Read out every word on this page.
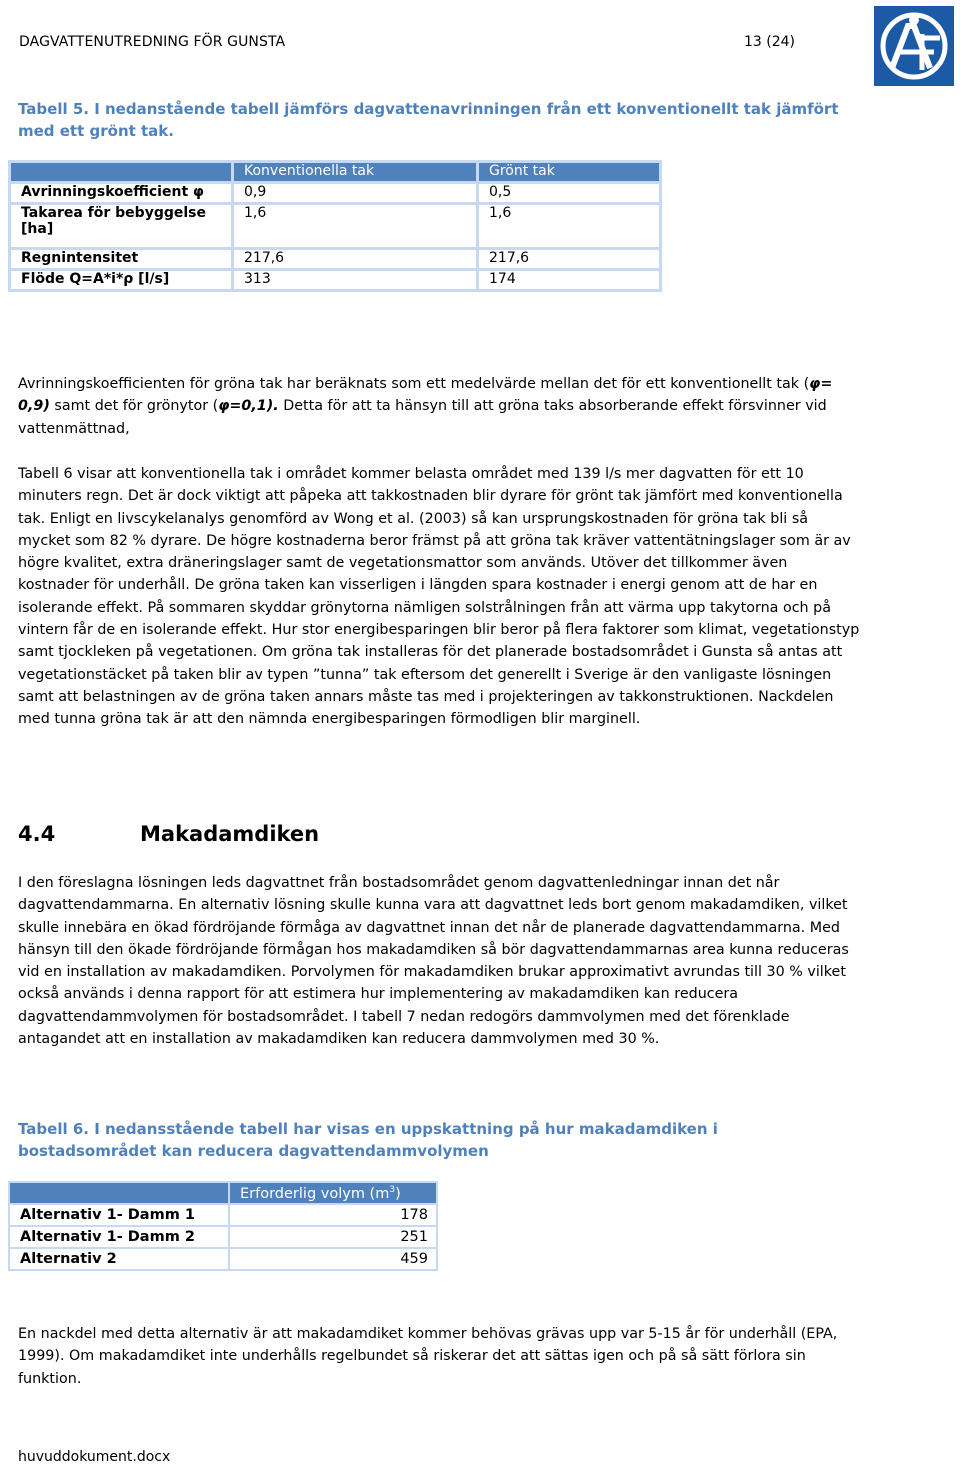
DAGVATTENUTREDNING FÖR GUNSTA	13 (24)
Tabell 5. I nedanstående tabell jämförs dagvattenavrinningen från ett konventionellt tak jämfört med ett grönt tak.
	Konventionella tak	Grönt tak
Avrinningskoefficient φ	0,9	0,5
Takarea för bebyggelse [ha]	1,6	1,6
Regnintensitet	217,6	217,6
Flöde Q=A*i*ρ [l/s]	313	174
Avrinningskoefficienten för gröna tak har beräknats som ett medelvärde mellan det för ett konventionellt tak (φ= 0,9) samt det för grönytor (φ=0,1). Detta för att ta hänsyn till att gröna taks absorberande effekt försvinner vid vattenmättnad,
Tabell 6 visar att konventionella tak i området kommer belasta området med 139 l/s mer dagvatten för ett 10 minuters regn. Det är dock viktigt att påpeka att takkostnaden blir dyrare för grönt tak jämfört med konventionella tak. Enligt en livscykelanalys genomförd av Wong et al. (2003) så kan ursprungskostnaden för gröna tak bli så mycket som 82 % dyrare. De högre kostnaderna beror främst på att gröna tak kräver vattentätningslager som är av högre kvalitet, extra dräneringslager samt de vegetationsmattor som används. Utöver det tillkommer även kostnader för underhåll. De gröna taken kan visserligen i längden spara kostnader i energi genom att de har en isolerande effekt. På sommaren skyddar grönytorna nämligen solstrålningen från att värma upp takytorna och på vintern får de en isolerande effekt. Hur stor energibesparingen blir beror på flera faktorer som klimat, vegetationstyp samt tjockleken på vegetationen. Om gröna tak installeras för det planerade bostadsområdet i Gunsta så antas att vegetationstäcket på taken blir av typen ”tunna” tak eftersom det generellt i Sverige är den vanligaste lösningen samt att belastningen av de gröna taken annars måste tas med i projekteringen av takkonstruktionen. Nackdelen med tunna gröna tak är att den nämnda energibesparingen förmodligen blir marginell.
4.4	Makadamdiken
I den föreslagna lösningen leds dagvattnet från bostadsområdet genom dagvattenledningar innan det når dagvattendammarna. En alternativ lösning skulle kunna vara att dagvattnet leds bort genom makadamdiken, vilket skulle innebära en ökad fördröjande förmåga av dagvattnet innan det når de planerade dagvattendammarna. Med hänsyn till den ökade fördröjande förmågan hos makadamdiken så bör dagvattendammarnas area kunna reduceras vid en installation av makadamdiken. Porvolymen för makadamdiken brukar approximativt avrundas till 30 % vilket också används i denna rapport för att estimera hur implementering av makadamdiken kan reducera dagvattendammvolymen för bostadsområdet. I tabell 7 nedan redogörs dammvolymen med det förenklade antagandet att en installation av makadamdiken kan reducera dammvolymen med 30 %.
Tabell 6. I nedansstående tabell har visas en uppskattning på hur makadamdiken i bostadsområdet kan reducera dagvattendammvolymen
	Erforderlig volym $(m^3)$
Alternativ 1- Damm 1	178
Alternativ 1- Damm 2	251
Alternativ 2	459
En nackdel med detta alternativ är att makadamdiket kommer behövas grävas upp var 5-15 år för underhåll (EPA, 1999). Om makadamdiket inte underhålls regelbundet så riskerar det att sättas igen och på så sätt förlora sin funktion.
huvuddokument.docx
